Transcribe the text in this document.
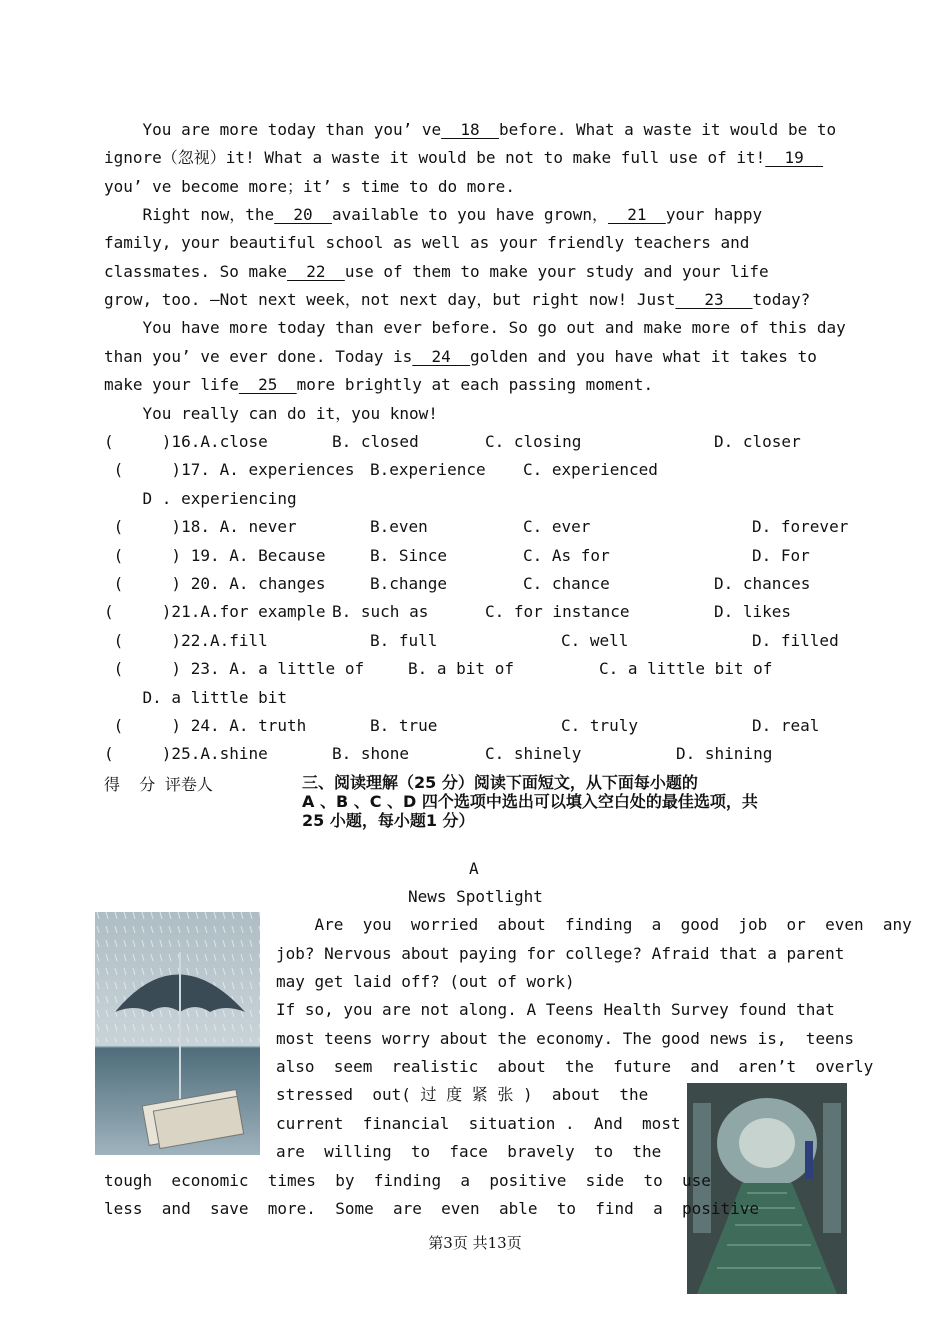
You are more today than you’ ve  18  before. What a waste it would be to
ignore（忽视）it! What a waste it would be not to make full use of it!  19
you’ ve become more；it’ s time to do more.
Right now，the  20  available to you have grown，  21  your happy
family, your beautiful school as well as your friendly teachers and
classmates. So make  22  use of them to make your study and your life
grow, too. —Not next week，not next day，but right now! Just   23   today?
You have more today than ever before. So go out and make more of this day
than you’ ve ever done. Today is  24  golden and you have what it takes to
make your life  25  more brightly at each passing moment.
You really can do it，you know!
(     )16.A.close	B. closed	C. closing	D. closer
(     )17. A. experiences B.experience C. experienced
D . experiencing
(     )18. A. never	B.even	C. ever	D. forever
(     ) 19. A. Because	B. Since	C. As for	D. For
(     ) 20. A. changes	B.change	C. chance	D. chances
(     )21.A.for example B. such as	C. for instance	D. likes
(     )22.A.fill	B. full	C. well	D. filled
(     ) 23. A. a little of	B. a bit of	C. a little bit of
D. a little bit
(     ) 24. A. truth	B. true	C. truly	D. real
(     )25.A.shine	B. shone	C. shinely	D. shining
得  分 评卷人	三、阅读理解（25 分）阅读下面短文，从下面每小题的
A 、B 、C 、D 四个选项中选出可以填入空白处的最佳选项，共
25 小题，每小题1 分）
A
News Spotlight
Are  you  worried  about  finding  a  good  job  or  even  any
job? Nervous about paying for college? Afraid that a parent
may get laid off? (out of work)
If so, you are not along. A Teens Health Survey found that
most teens worry about the economy. The good news is,  teens
also  seem  realistic  about  the  future  and  aren’t  overly
stressed  out( 过 度 紧 张 )  about  the
current  financial  situation .  And  most
are  willing  to  face  bravely  to  the
tough  economic  times  by  finding  a  positive  side  to  use
less  and  save  more.  Some  are  even  able  to  find  a  positive
第3页 共13页
